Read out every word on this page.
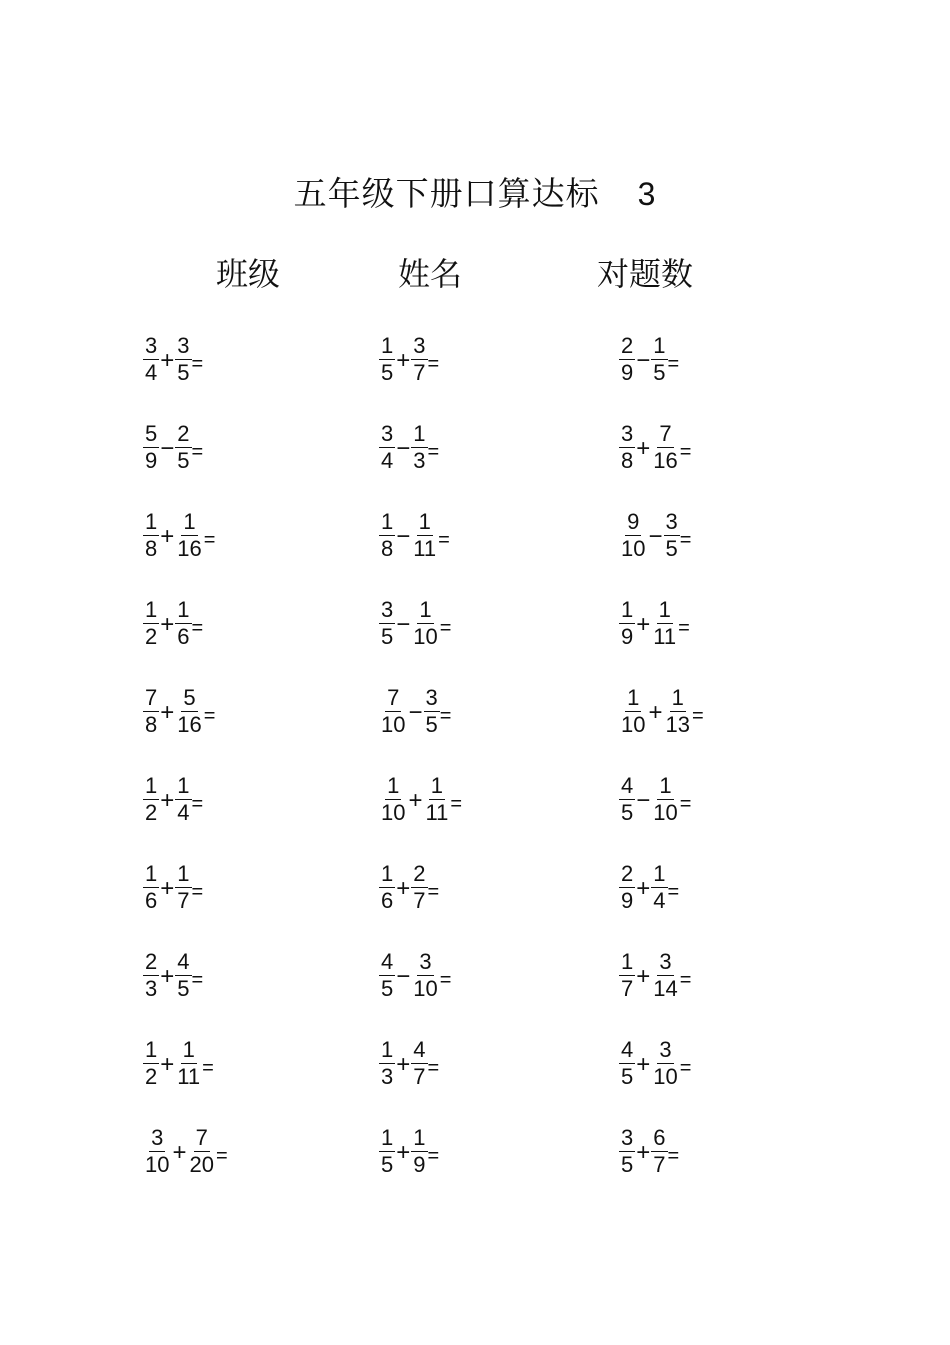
五年级下册口算达标 3
班级	姓名	对题数
$\frac{3}{4} + \frac{3}{5}$ =
$\frac{5}{9} - \frac{2}{5}$ =
$\frac{1}{8} + \frac{1}{16}$ =
$\frac{1}{2} + \frac{1}{6}$ =
$\frac{7}{8} + \frac{5}{16}$ =
$\frac{1}{2} + \frac{1}{4}$ =
$\frac{1}{6} + \frac{1}{7}$ =
$\frac{2}{3} + \frac{4}{5}$ =
$\frac{1}{2} + \frac{1}{11}$ =
$\frac{3}{10} + \frac{7}{20}$ =
$\frac{1}{5} + \frac{3}{7}$ =
$\frac{3}{4} - \frac{1}{3}$ =
$\frac{1}{8} - \frac{1}{11}$ =
$\frac{3}{5} - \frac{1}{10}$ =
$\frac{7}{10} - \frac{3}{5}$ =
$\frac{1}{10} + \frac{1}{11}$ =
$\frac{1}{6} + \frac{2}{7}$ =
$\frac{4}{5} - \frac{3}{10}$ =
$\frac{1}{3} + \frac{4}{7}$ =
$\frac{1}{5} + \frac{1}{9}$ =
$\frac{2}{9} - \frac{1}{5}$ =
$\frac{3}{8} + \frac{7}{16}$ =
$\frac{9}{10} - \frac{3}{5}$ =
$\frac{1}{9} + \frac{1}{11}$ =
$\frac{1}{10} + \frac{1}{13}$ =
$\frac{4}{5} - \frac{1}{10}$ =
$\frac{2}{9} + \frac{1}{4}$ =
$\frac{1}{7} + \frac{3}{14}$ =
$\frac{4}{5} + \frac{3}{10}$ =
$\frac{3}{5} + \frac{6}{7}$ =
